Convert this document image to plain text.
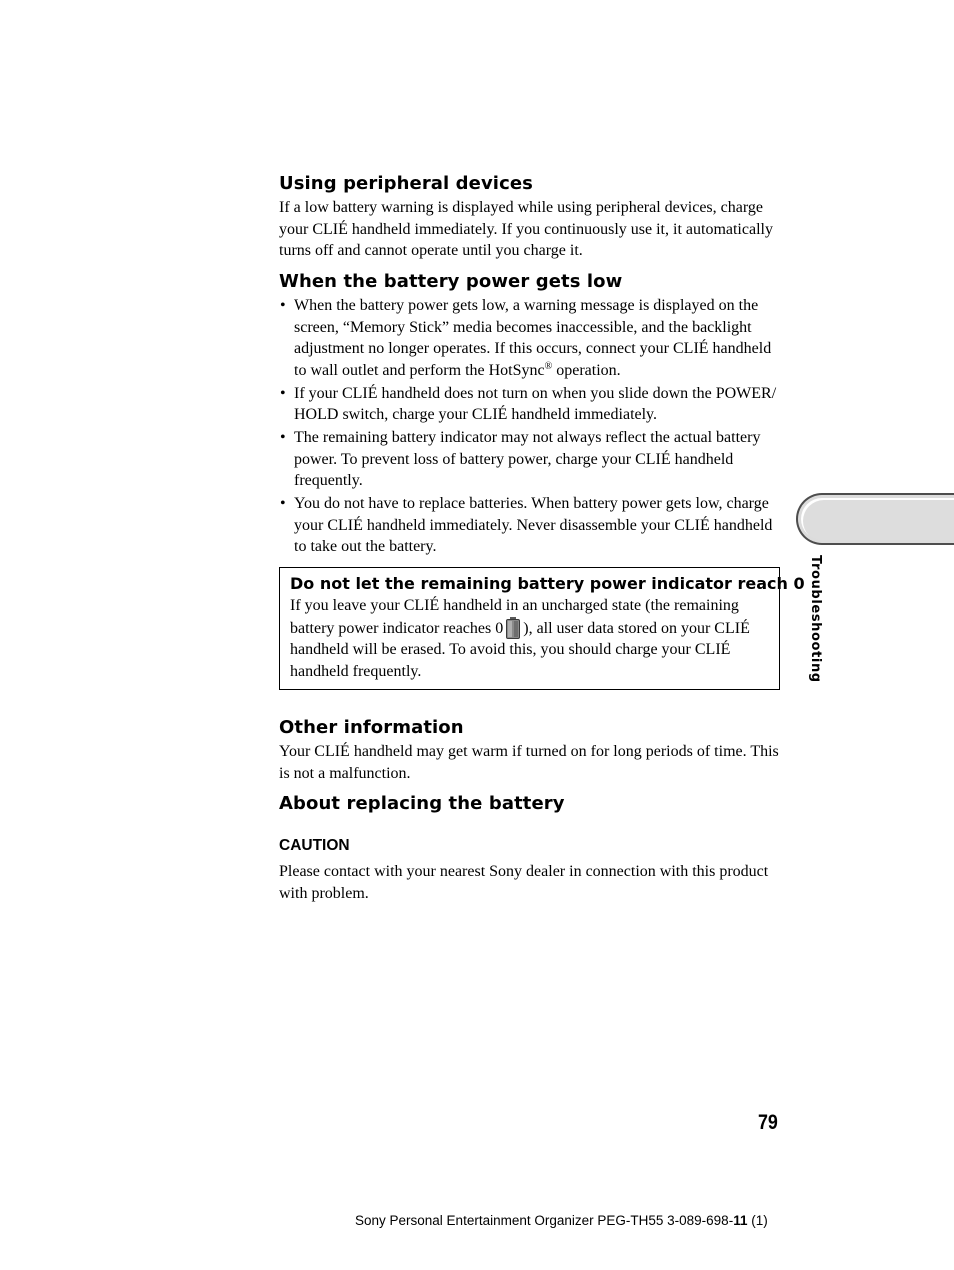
Using peripheral devices

If a low battery warning is displayed while using peripheral devices, charge your CLIÉ handheld immediately. If you continuously use it, it automatically turns off and cannot operate until you charge it.

When the battery power gets low
• When the battery power gets low, a warning message is displayed on the screen, “Memory Stick” media becomes inaccessible, and the backlight adjustment no longer operates. If this occurs, connect your CLIÉ handheld to wall outlet and perform the HotSync® operation.
• If your CLIÉ handheld does not turn on when you slide down the POWER/ HOLD switch, charge your CLIÉ handheld immediately.
• The remaining battery indicator may not always reflect the actual battery power. To prevent loss of battery power, charge your CLIÉ handheld frequently.
• You do not have to replace batteries. When battery power gets low, charge your CLIÉ handheld immediately. Never disassemble your CLIÉ handheld to take out the battery.
Do not let the remaining battery power indicator reach 0
If you leave your CLIÉ handheld in an uncharged state (the remaining battery power indicator reaches 0 ), all user data stored on your CLIÉ handheld will be erased. To avoid this, you should charge your CLIÉ handheld frequently.
Other information

Your CLIÉ handheld may get warm if turned on for long periods of time. This is not a malfunction.

About replacing the battery

CAUTION

Please contact with your nearest Sony dealer in connection with this product with problem.

Troubleshooting
79
Sony Personal Entertainment Organizer PEG-TH55 3-089-698-11 (1)
